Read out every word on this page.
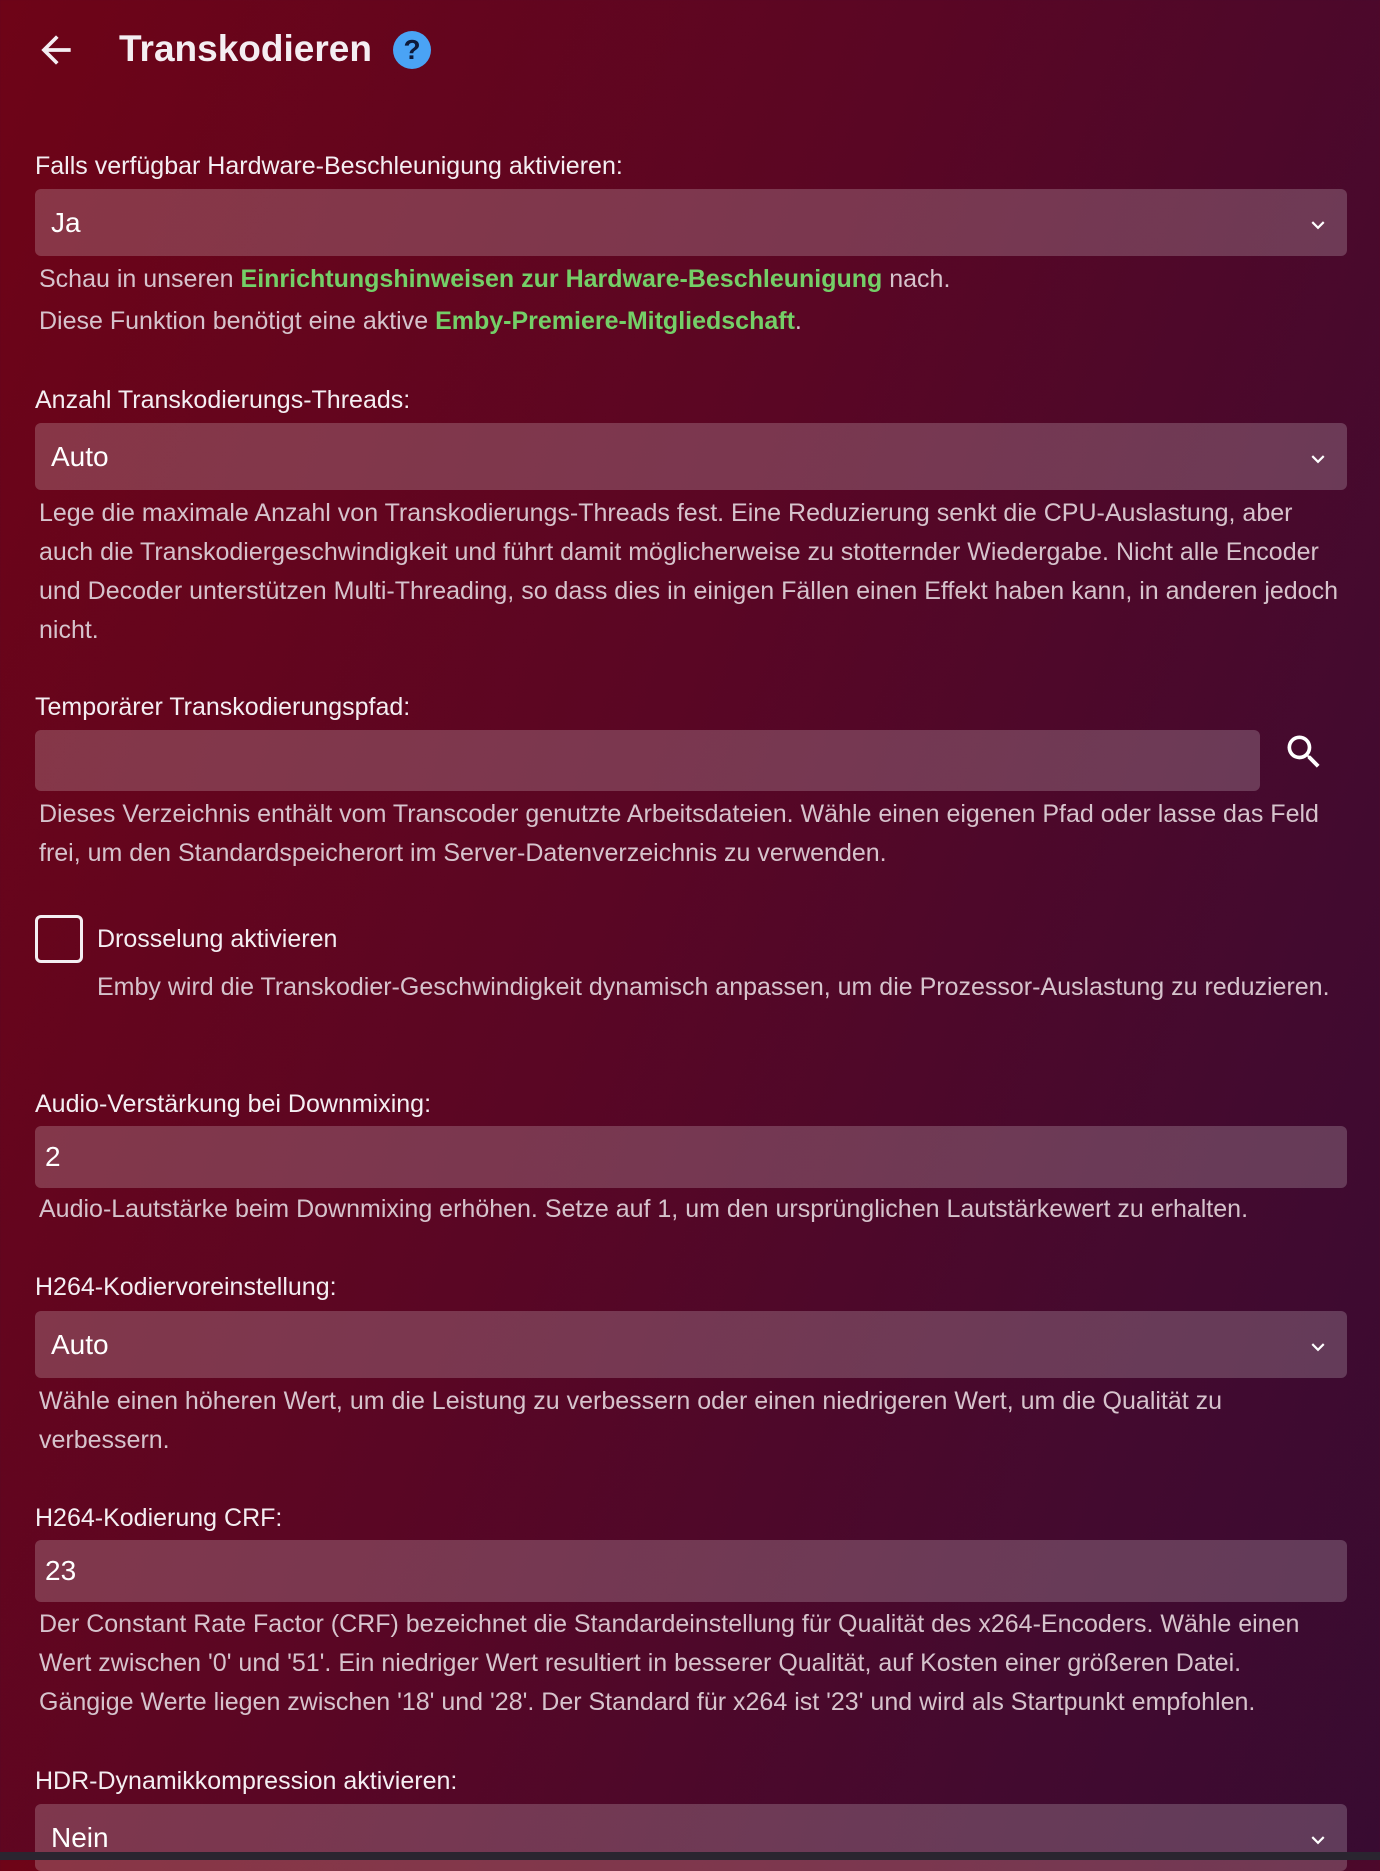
Transkodieren	?
Falls verfügbar Hardware-Beschleunigung aktivieren:
Ja
Schau in unseren Einrichtungshinweisen zur Hardware-Beschleunigung nach.
Diese Funktion benötigt eine aktive Emby-Premiere-Mitgliedschaft.
Anzahl Transkodierungs-Threads:
Auto
Lege die maximale Anzahl von Transkodierungs-Threads fest. Eine Reduzierung senkt die CPU-Auslastung, aber auch die Transkodiergeschwindigkeit und führt damit möglicherweise zu stotternder Wiedergabe. Nicht alle Encoder und Decoder unterstützen Multi-Threading, so dass dies in einigen Fällen einen Effekt haben kann, in anderen jedoch nicht.
Temporärer Transkodierungspfad:
Dieses Verzeichnis enthält vom Transcoder genutzte Arbeitsdateien. Wähle einen eigenen Pfad oder lasse das Feld frei, um den Standardspeicherort im Server-Datenverzeichnis zu verwenden.
Drosselung aktivieren
Emby wird die Transkodier-Geschwindigkeit dynamisch anpassen, um die Prozessor-Auslastung zu reduzieren.
Audio-Verstärkung bei Downmixing:
2
Audio-Lautstärke beim Downmixing erhöhen. Setze auf 1, um den ursprünglichen Lautstärkewert zu erhalten.
H264-Kodiervoreinstellung:
Auto
Wähle einen höheren Wert, um die Leistung zu verbessern oder einen niedrigeren Wert, um die Qualität zu verbessern.
H264-Kodierung CRF:
23
Der Constant Rate Factor (CRF) bezeichnet die Standardeinstellung für Qualität des x264-Encoders. Wähle einen Wert zwischen '0' und '51'. Ein niedriger Wert resultiert in besserer Qualität, auf Kosten einer größeren Datei. Gängige Werte liegen zwischen '18' und '28'. Der Standard für x264 ist '23' und wird als Startpunkt empfohlen.
HDR-Dynamikkompression aktivieren:
Nein
